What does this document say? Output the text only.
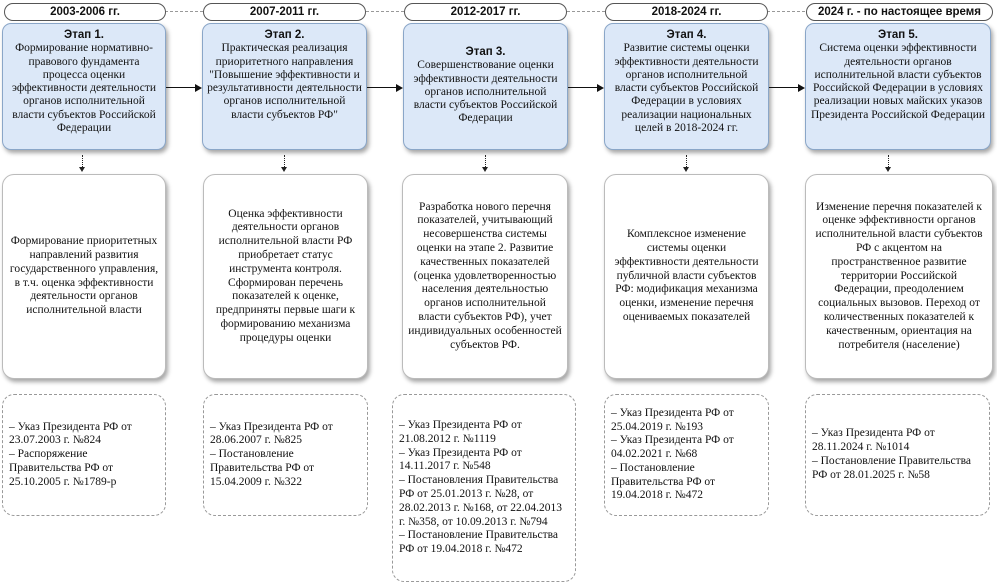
2003-2006 гг.
Этап 1.
Формирование нормативно-правового фундамента процесса оценки эффективности деятельности органов исполнительной власти субъектов Российской Федерации
Формирование приоритетных направлений развития государственного управления, в т.ч. оценка эффективности деятельности органов исполнительной власти
– Указ Президента РФ от 23.07.2003 г. №824
– Распоряжение Правительства РФ от 25.10.2005 г. №1789-р
2007-2011 гг.
Этап 2.
Практическая реализация приоритетного направления "Повышение эффективности и результативности деятельности органов исполнительной власти субъектов РФ"
Оценка эффективности деятельности органов исполнительной власти РФ приобретает статус инструмента контроля. Сформирован перечень показателей к оценке, предприняты первые шаги к формированию механизма процедуры оценки
– Указ Президента РФ от 28.06.2007 г. №825
– Постановление Правительства РФ от 15.04.2009 г. №322
2012-2017 гг.
Этап 3.
Совершенствование оценки эффективности деятельности органов исполнительной власти субъектов Российской Федерации
Разработка нового перечня показателей, учитывающий несовершенства системы оценки на этапе 2. Развитие качественных показателей (оценка удовлетворенностью населения деятельностью органов исполнительной власти субъектов РФ), учет индивидуальных особенностей субъектов РФ.
– Указ Президента РФ от 21.08.2012 г. №1119
– Указ Президента РФ от 14.11.2017 г. №548
– Постановления Правительства РФ от 25.01.2013 г. №28, от 28.02.2013 г. №168, от 22.04.2013 г. №358, от 10.09.2013 г. №794
– Постановление Правительства РФ от 19.04.2018 г. №472
2018-2024 гг.
Этап 4.
Развитие системы оценки эффективности деятельности органов исполнительной власти субъектов Российской Федерации в условиях реализации национальных целей в 2018-2024 гг.
Комплексное изменение системы оценки эффективности деятельности публичной власти субъектов РФ: модификация механизма оценки, изменение перечня оцениваемых показателей
– Указ Президента РФ от 25.04.2019 г. №193
– Указ Президента РФ от 04.02.2021 г. №68
– Постановление Правительства РФ от 19.04.2018 г. №472
2024 г. - по настоящее время
Этап 5.
Система оценки эффективности деятельности органов исполнительной власти субъектов Российской Федерации в условиях реализации новых майских указов Президента Российской Федерации
Изменение перечня показателей к оценке эффективности органов исполнительной власти субъектов РФ с акцентом на пространственное развитие территории Российской Федерации, преодолением социальных вызовов. Переход от количественных показателей к качественным, ориентация на потребителя (население)
– Указ Президента РФ от 28.11.2024 г. №1014
– Постановление Правительства РФ от 28.01.2025 г. №58
